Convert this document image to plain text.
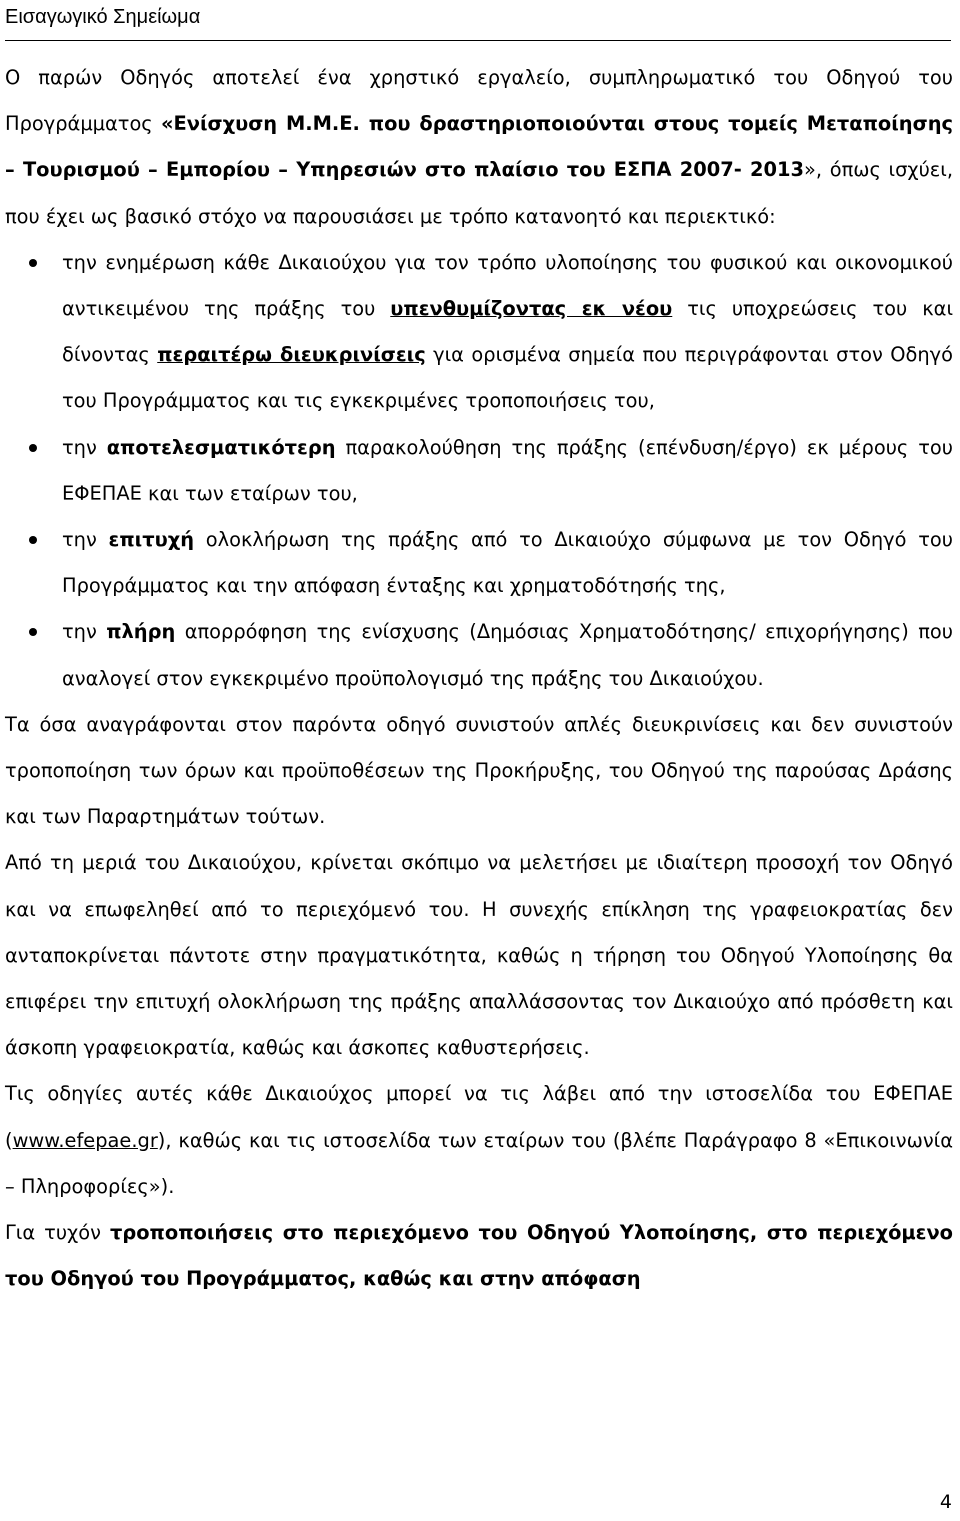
Εισαγωγικό Σημείωμα

Ο παρών Οδηγός αποτελεί ένα χρηστικό εργαλείο, συμπληρωματικό του Οδηγού του Προγράμματος «Ενίσχυση Μ.Μ.Ε. που δραστηριοποιούνται στους τομείς Μεταποίησης – Τουρισμού – Εμπορίου – Υπηρεσιών στο πλαίσιο του ΕΣΠΑ 2007- 2013», όπως ισχύει, που έχει ως βασικό στόχο να παρουσιάσει με τρόπο κατανοητό και περιεκτικό:

την ενημέρωση κάθε Δικαιούχου για τον τρόπο υλοποίησης του φυσικού και οικονομικού αντικειμένου της πράξης του υπενθυμίζοντας εκ νέου τις υποχρεώσεις του και δίνοντας περαιτέρω διευκρινίσεις για ορισμένα σημεία που περιγράφονται στον Οδηγό του Προγράμματος και τις εγκεκριμένες τροποποιήσεις του,
την αποτελεσματικότερη παρακολούθηση της πράξης (επένδυση/έργο) εκ μέρους του ΕΦΕΠΑΕ και των εταίρων του,
την επιτυχή ολοκλήρωση της πράξης από το Δικαιούχο σύμφωνα με τον Οδηγό του Προγράμματος και την απόφαση ένταξης και χρηματοδότησής της,
την πλήρη απορρόφηση της ενίσχυσης (Δημόσιας Χρηματοδότησης/ επιχορήγησης) που αναλογεί στον εγκεκριμένο προϋπολογισμό της πράξης του Δικαιούχου.

Τα όσα αναγράφονται στον παρόντα οδηγό συνιστούν απλές διευκρινίσεις και δεν συνιστούν τροποποίηση των όρων και προϋποθέσεων της Προκήρυξης, του Οδηγού της παρούσας Δράσης και των Παραρτημάτων τούτων.

Από τη μεριά του Δικαιούχου, κρίνεται σκόπιμο να μελετήσει με ιδιαίτερη προσοχή τον Οδηγό και να επωφεληθεί από το περιεχόμενό του. Η συνεχής επίκληση της γραφειοκρατίας δεν ανταποκρίνεται πάντοτε στην πραγματικότητα, καθώς η τήρηση του Οδηγού Υλοποίησης θα επιφέρει την επιτυχή ολοκλήρωση της πράξης απαλλάσσοντας τον Δικαιούχο από πρόσθετη και άσκοπη γραφειοκρατία, καθώς και άσκοπες καθυστερήσεις.

Τις οδηγίες αυτές κάθε Δικαιούχος μπορεί να τις λάβει από την ιστοσελίδα του ΕΦΕΠΑΕ (www.efepae.gr), καθώς και τις ιστοσελίδα των εταίρων του (βλέπε Παράγραφο 8 «Επικοινωνία – Πληροφορίες»).

Για τυχόν τροποποιήσεις στο περιεχόμενο του Οδηγού Υλοποίησης, στο περιεχόμενο του Οδηγού του Προγράμματος, καθώς και στην απόφαση

4
